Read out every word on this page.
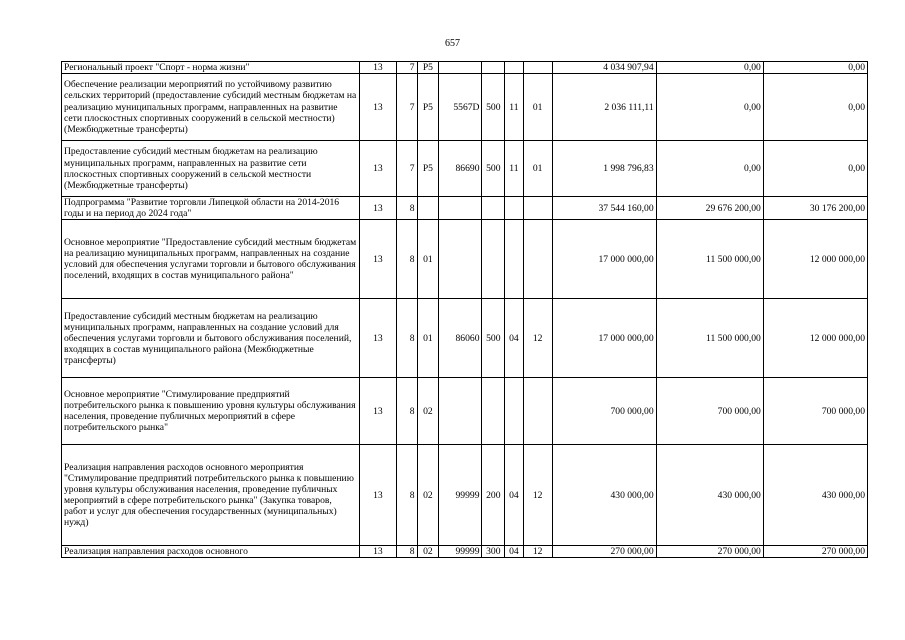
657
Региональный проект "Спорт - норма жизни"	13	7	P5					4 034 907,94	0,00	0,00
Обеспечение реализации мероприятий по устойчивому развитию сельских территорий (предоставление субсидий местным бюджетам на реализацию муниципальных программ, направленных на развитие сети плоскостных спортивных сооружений в сельской местности) (Межбюджетные трансферты)	13	7	P5	5567D	500	11	01	2 036 111,11	0,00	0,00
Предоставление субсидий местным бюджетам на реализацию муниципальных программ, направленных на развитие сети плоскостных спортивных сооружений в сельской местности (Межбюджетные трансферты)	13	7	P5	86690	500	11	01	1 998 796,83	0,00	0,00
Подпрограмма "Развитие торговли Липецкой области на 2014-2016 годы и на период до 2024 года"	13	8						37 544 160,00	29 676 200,00	30 176 200,00
Основное мероприятие "Предоставление субсидий местным бюджетам на реализацию муниципальных программ, направленных на создание условий для обеспечения услугами торговли и бытового обслуживания поселений, входящих в состав муниципального района"	13	8	01					17 000 000,00	11 500 000,00	12 000 000,00
Предоставление субсидий местным бюджетам на реализацию муниципальных программ, направленных на создание условий для обеспечения услугами торговли и бытового обслуживания поселений, входящих в состав муниципального района (Межбюджетные трансферты)	13	8	01	86060	500	04	12	17 000 000,00	11 500 000,00	12 000 000,00
Основное мероприятие "Стимулирование предприятий потребительского рынка к повышению уровня культуры обслуживания населения, проведение публичных мероприятий в сфере потребительского рынка"	13	8	02					700 000,00	700 000,00	700 000,00
Реализация направления расходов основного мероприятия "Стимулирование предприятий потребительского рынка к повышению уровня культуры обслуживания населения, проведение публичных мероприятий в сфере потребительского рынка" (Закупка товаров, работ и услуг для обеспечения государственных (муниципальных) нужд)	13	8	02	99999	200	04	12	430 000,00	430 000,00	430 000,00
Реализация направления расходов основного	13	8	02	99999	300	04	12	270 000,00	270 000,00	270 000,00
